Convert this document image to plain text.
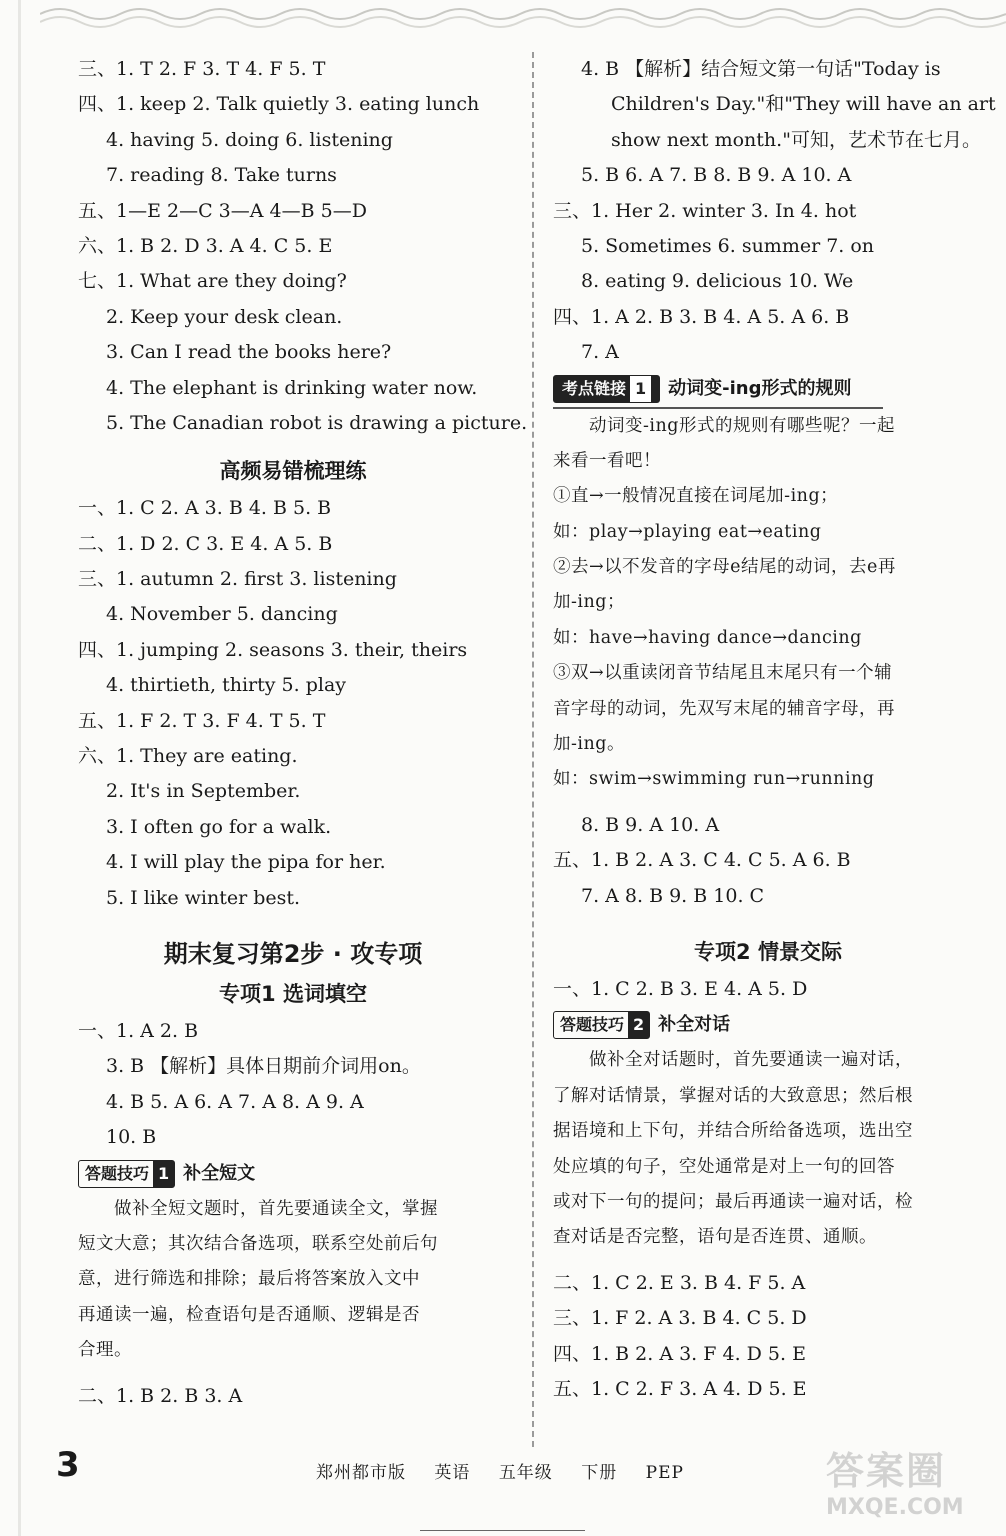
三、1. T 2. F 3. T 4. F 5. T
四、1. keep 2. Talk quietly 3. eating lunch
4. having 5. doing 6. listening
7. reading 8. Take turns
五、1—E 2—C 3—A 4—B 5—D
六、1. B 2. D 3. A 4. C 5. E
七、1. What are they doing?
2. Keep your desk clean.
3. Can I read the books here?
4. The elephant is drinking water now.
5. The Canadian robot is drawing a picture.
高频易错梳理练
一、1. C 2. A 3. B 4. B 5. B
二、1. D 2. C 3. E 4. A 5. B
三、1. autumn 2. first 3. listening
4. November 5. dancing
四、1. jumping 2. seasons 3. their, theirs
4. thirtieth, thirty 5. play
五、1. F 2. T 3. F 4. T 5. T
六、1. They are eating.
2. It's in September.
3. I often go for a walk.
4. I will play the pipa for her.
5. I like winter best.
期末复习第2步 · 攻专项
专项1 选词填空
一、1. A 2. B
3. B 【解析】具体日期前介词用on。
4. B 5. A 6. A 7. A 8. A 9. A
10. B
答题技巧 1 补全短文
做补全短文题时，首先要通读全文，掌握
短文大意；其次结合备选项，联系空处前后句
意，进行筛选和排除；最后将答案放入文中
再通读一遍，检查语句是否通顺、逻辑是否
合理。
二、1. B 2. B 3. A
4. B 【解析】结合短文第一句话"Today is
Children's Day."和"They will have an art
show next month."可知，艺术节在七月。
5. B 6. A 7. B 8. B 9. A 10. A
三、1. Her 2. winter 3. In 4. hot
5. Sometimes 6. summer 7. on
8. eating 9. delicious 10. We
四、1. A 2. B 3. B 4. A 5. A 6. B
7. A
考点链接 1 动词变-ing形式的规则
动词变-ing形式的规则有哪些呢？一起
来看一看吧！
①直→一般情况直接在词尾加-ing；
如：play→playing eat→eating
②去→以不发音的字母e结尾的动词，去e再
加-ing；
如：have→having dance→dancing
③双→以重读闭音节结尾且末尾只有一个辅
音字母的动词，先双写末尾的辅音字母，再
加-ing。
如：swim→swimming run→running
8. B 9. A 10. A
五、1. B 2. A 3. C 4. C 5. A 6. B
7. A 8. B 9. B 10. C
专项2 情景交际
一、1. C 2. B 3. E 4. A 5. D
答题技巧 2 补全对话
做补全对话题时，首先要通读一遍对话，
了解对话情景，掌握对话的大致意思；然后根
据语境和上下句，并结合所给备选项，选出空
处应填的句子，空处通常是对上一句的回答
或对下一句的提问；最后再通读一遍对话，检
查对话是否完整，语句是否连贯、通顺。
二、1. C 2. E 3. B 4. F 5. A
三、1. F 2. A 3. B 4. C 5. D
四、1. B 2. A 3. F 4. D 5. E
五、1. C 2. F 3. A 4. D 5. E
3	郑州都市版 英语 五年级 下册 PEP	答案圈
MXQE.COM
